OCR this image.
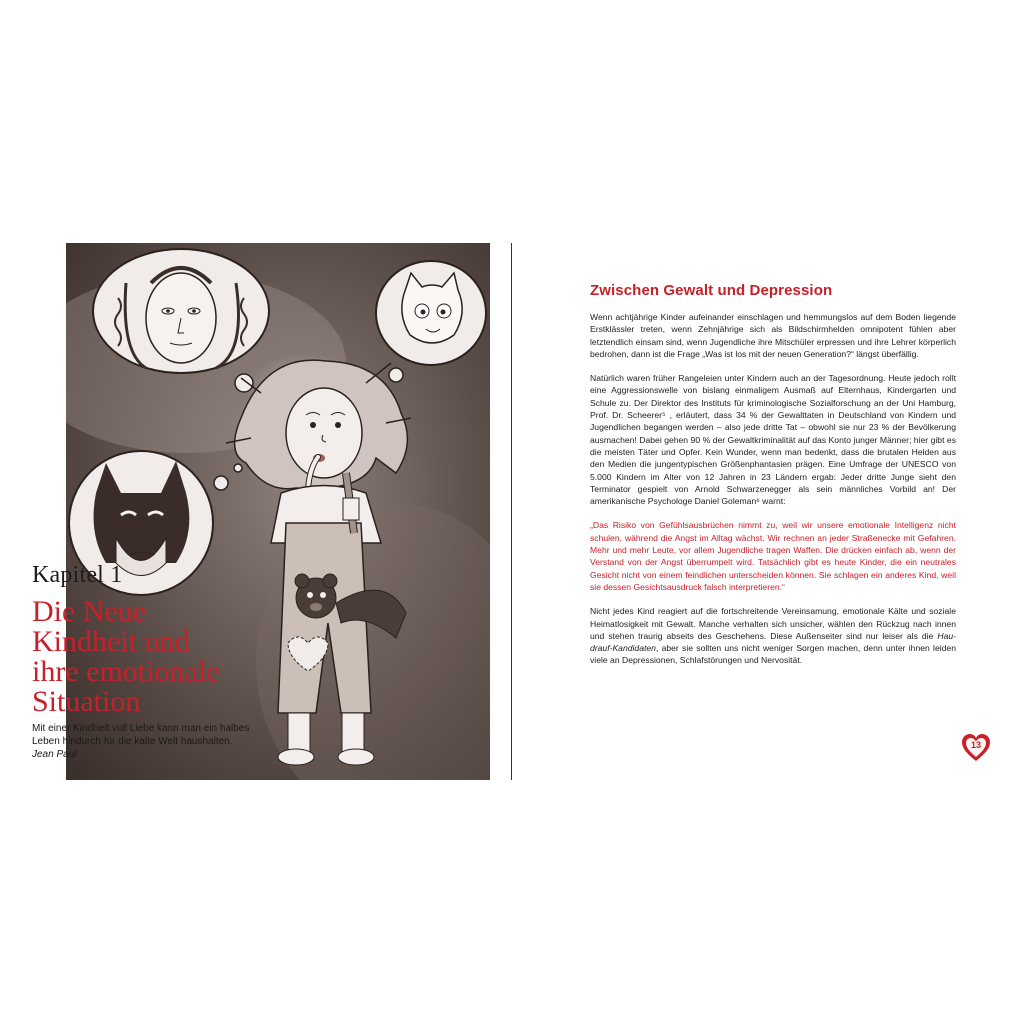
Kapitel 1
Die Neue
Kindheit und
ihre emotionale
Situation
Mit einer Kindheit voll Liebe kann man ein halbes
Leben hindurch für die kalte Welt haushalten.
Jean Paul
Zwischen Gewalt und Depression

Wenn achtjährige Kinder aufeinander einschlagen und hemmungslos auf dem Boden liegende Erstklässler treten, wenn Zehnjährige sich als Bildschirmhelden omnipotent fühlen aber letztendlich einsam sind, wenn Jugendliche ihre Mitschüler erpressen und ihre Lehrer körperlich bedrohen, dann ist die Frage „Was ist los mit der neuen Generation?“ längst überfällig.

Natürlich waren früher Rangeleien unter Kindern auch an der Tagesordnung. Heute jedoch rollt eine Aggressionswelle von bislang einmaligem Ausmaß auf Elternhaus, Kindergarten und Schule zu. Der Direktor des Instituts für kriminologische Sozialforschung an der Uni Hamburg, Prof. Dr. Scheerer⁵ , erläutert, dass 34 % der Gewalttaten in Deutschland von Kindern und Jugendlichen begangen werden – also jede dritte Tat – obwohl sie nur 23 % der Bevölkerung ausmachen! Dabei gehen 90 % der Gewaltkriminalität auf das Konto junger Männer; hier gibt es die meisten Täter und Opfer. Kein Wunder, wenn man bedenkt, dass die brutalen Helden aus den Medien die jungentypischen Größenphantasien prägen. Eine Umfrage der UNESCO von 5.000 Kindern im Alter von 12 Jahren in 23 Ländern ergab: Jeder dritte Junge sieht den Terminator gespielt von Arnold Schwarzenegger als sein männliches Vorbild an! Der amerikanische Psychologe Daniel Goleman⁶ warnt:

„Das Risiko von Gefühlsausbrüchen nimmt zu, weil wir unsere emotionale Intelligenz nicht schulen, während die Angst im Alltag wächst. Wir rechnen an jeder Straßenecke mit Gefahren. Mehr und mehr Leute, vor allem Jugendliche tragen Waffen. Die drücken einfach ab, wenn der Verstand von der Angst überrumpelt wird. Tatsächlich gibt es heute Kinder, die ein neutrales Gesicht nicht von einem feindlichen unterscheiden können. Sie schlagen ein anderes Kind, weil sie dessen Gesichtsausdruck falsch interpretieren.“

Nicht jedes Kind reagiert auf die fortschreitende Vereinsamung, emotionale Kälte und soziale Heimatlosigkeit mit Gewalt. Manche verhalten sich unsicher, wählen den Rückzug nach innen und stehen traurig abseits des Geschehens. Diese Außenseiter sind nur leiser als die Hau-drauf-Kandidaten, aber sie sollten uns nicht weniger Sorgen machen, denn unter ihnen leiden viele an Depressionen, Schlafstörungen und Nervosität.

13
